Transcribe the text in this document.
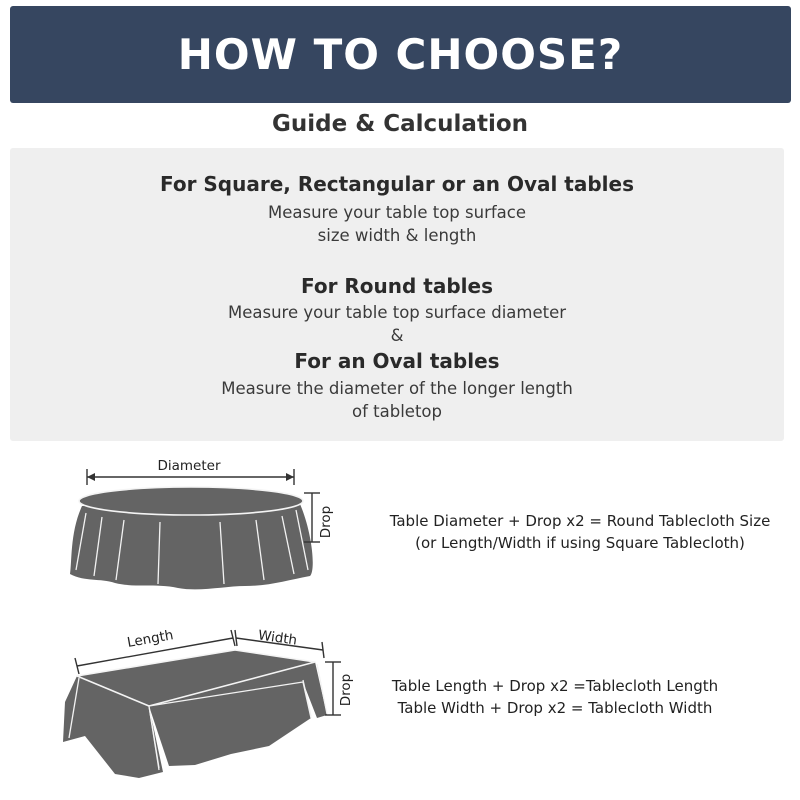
HOW TO CHOOSE?
Guide & Calculation
For Square, Rectangular or an Oval tables
Measure your table top surface
size width & length
For Round tables
Measure your table top surface diameter
&
For an Oval tables
Measure the diameter of the longer length
of tabletop
Diameter
Drop	Table Diameter + Drop x2 = Round Tablecloth Size
(or Length/Width if using Square Tablecloth)
Length	Width
Drop	Table Length + Drop x2 =Tablecloth Length
Table Width + Drop x2 = Tablecloth Width
